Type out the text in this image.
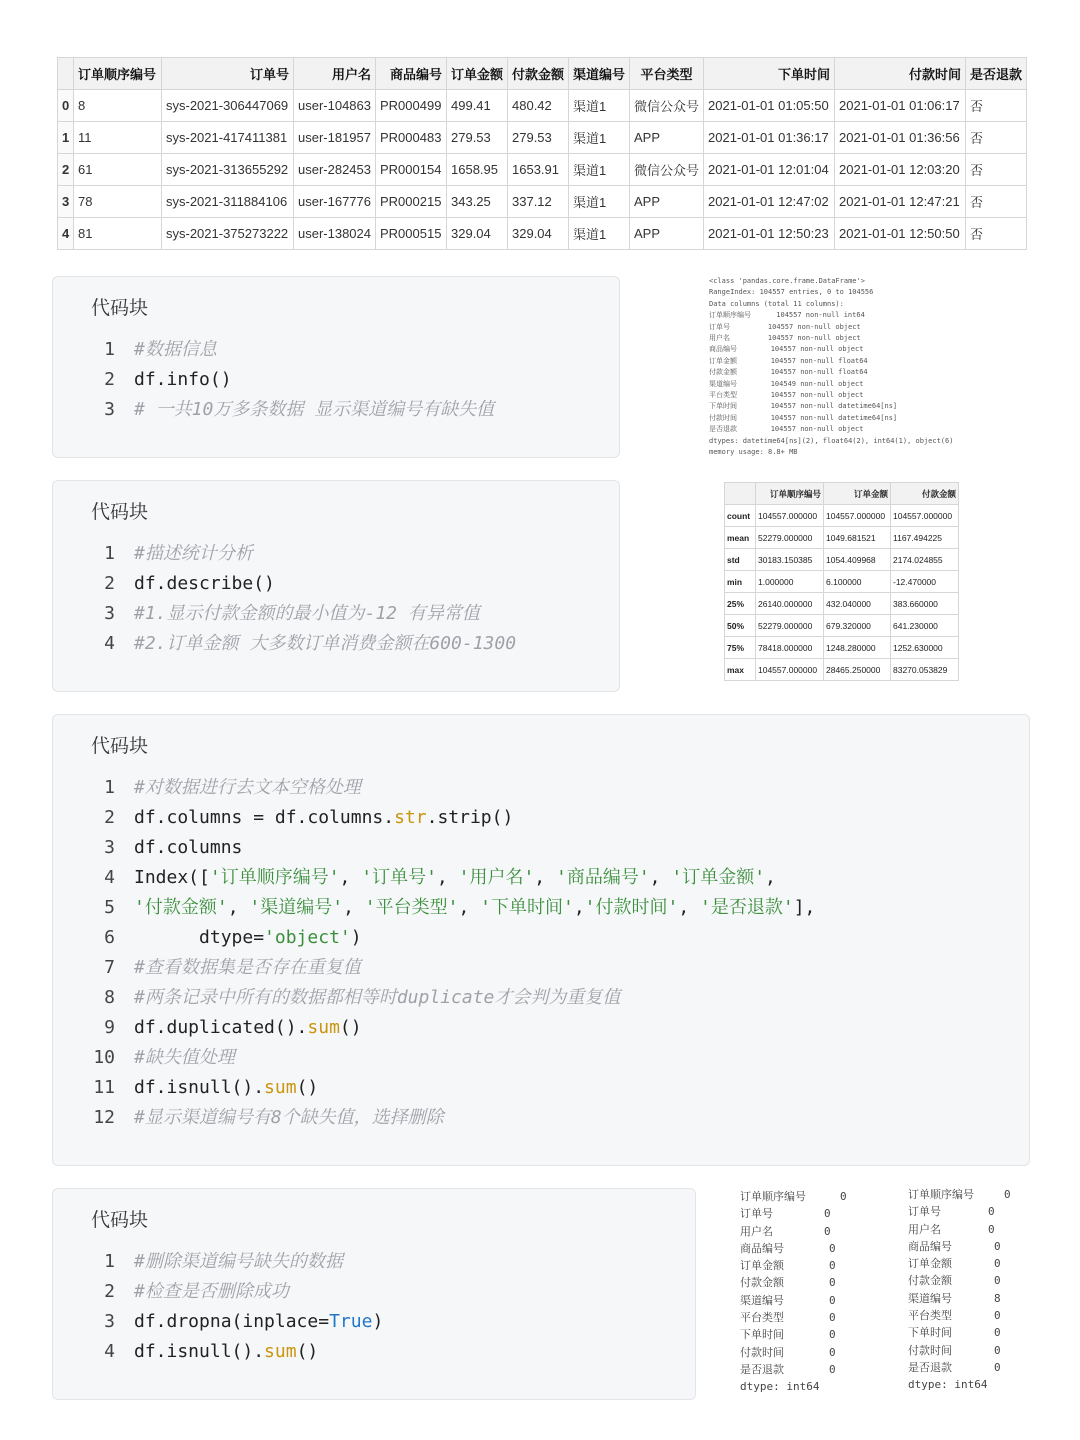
	订单顺序编号	订单号	用户名	商品编号	订单金额	付款金额	渠道编号	平台类型	下单时间	付款时间	是否退款
0	8	sys-2021-306447069	user-104863	PR000499	499.41	480.42	渠道1	微信公众号	2021-01-01 01:05:50	2021-01-01 01:06:17	否
1	11	sys-2021-417411381	user-181957	PR000483	279.53	279.53	渠道1	APP	2021-01-01 01:36:17	2021-01-01 01:36:56	否
2	61	sys-2021-313655292	user-282453	PR000154	1658.95	1653.91	渠道1	微信公众号	2021-01-01 12:01:04	2021-01-01 12:03:20	否
3	78	sys-2021-311884106	user-167776	PR000215	343.25	337.12	渠道1	APP	2021-01-01 12:47:02	2021-01-01 12:47:21	否
4	81	sys-2021-375273222	user-138024	PR000515	329.04	329.04	渠道1	APP	2021-01-01 12:50:23	2021-01-01 12:50:50	否
代码块
1	#数据信息
2	df.info()
3	# 一共10万多条数据 显示渠道编号有缺失值
<class 'pandas.core.frame.DataFrame'>
RangeIndex: 104557 entries, 0 to 104556
Data columns (total 11 columns):
订单顺序编号      104557 non-null int64
订单号         104557 non-null object
用户名         104557 non-null object
商品编号        104557 non-null object
订单金额        104557 non-null float64
付款金额        104557 non-null float64
渠道编号        104549 non-null object
平台类型        104557 non-null object
下单时间        104557 non-null datetime64[ns]
付款时间        104557 non-null datetime64[ns]
是否退款        104557 non-null object
dtypes: datetime64[ns](2), float64(2), int64(1), object(6)
memory usage: 8.8+ MB
代码块
1	#描述统计分析
2	df.describe()
3	#1.显示付款金额的最小值为-12 有异常值
4	#2.订单金额 大多数订单消费金额在600-1300
	订单顺序编号	订单金额	付款金额
count	104557.000000	104557.000000	104557.000000
mean	52279.000000	1049.681521	1167.494225
std	30183.150385	1054.409968	2174.024855
min	1.000000	6.100000	-12.470000
25%	26140.000000	432.040000	383.660000
50%	52279.000000	679.320000	641.230000
75%	78418.000000	1248.280000	1252.630000
max	104557.000000	28465.250000	83270.053829
代码块
1	#对数据进行去文本空格处理
2	df.columns = df.columns.str.strip()
3	df.columns
4	Index(['订单顺序编号', '订单号', '用户名', '商品编号', '订单金额',
5	'付款金额', '渠道编号', '平台类型', '下单时间','付款时间', '是否退款'],
6	dtype='object')
7	#查看数据集是否存在重复值
8	#两条记录中所有的数据都相等时duplicate才会判为重复值
9	df.duplicated().sum()
10	#缺失值处理
11	df.isnull().sum()
12	#显示渠道编号有8个缺失值，选择删除
代码块
1	#删除渠道编号缺失的数据
2	#检查是否删除成功
3	df.dropna(inplace=True)
4	df.isnull().sum()
订单顺序编号	0
订单号	0
用户名	0
商品编号	0
订单金额	0
付款金额	0
渠道编号	0
平台类型	0
下单时间	0
付款时间	0
是否退款	0
dtype: int64
订单顺序编号	0
订单号	0
用户名	0
商品编号	0
订单金额	0
付款金额	0
渠道编号	8
平台类型	0
下单时间	0
付款时间	0
是否退款	0
dtype: int64
